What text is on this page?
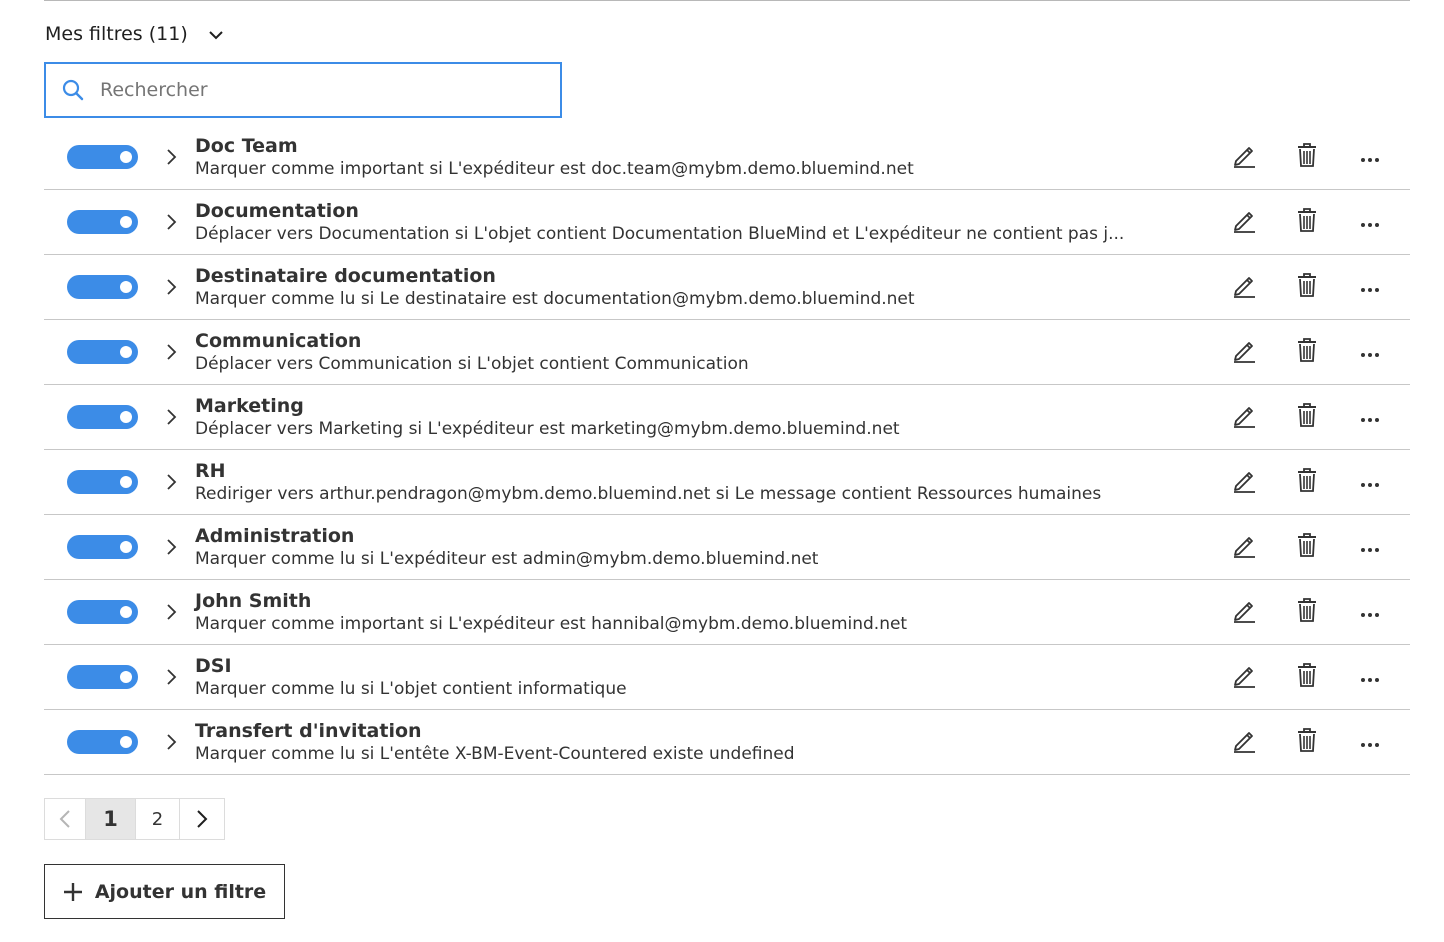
Mes filtres (11)
Rechercher
Doc Team
Marquer comme important si L'expéditeur est doc.team@mybm.demo.bluemind.net
Documentation
Déplacer vers Documentation si L'objet contient Documentation BlueMind et L'expéditeur ne contient pas j...
Destinataire documentation
Marquer comme lu si Le destinataire est documentation@mybm.demo.bluemind.net
Communication
Déplacer vers Communication si L'objet contient Communication
Marketing
Déplacer vers Marketing si L'expéditeur est marketing@mybm.demo.bluemind.net
RH
Rediriger vers arthur.pendragon@mybm.demo.bluemind.net si Le message contient Ressources humaines
Administration
Marquer comme lu si L'expéditeur est admin@mybm.demo.bluemind.net
John Smith
Marquer comme important si L'expéditeur est hannibal@mybm.demo.bluemind.net
DSI
Marquer comme lu si L'objet contient informatique
Transfert d'invitation
Marquer comme lu si L'entête X-BM-Event-Countered existe undefined
1	2
Ajouter un filtre
